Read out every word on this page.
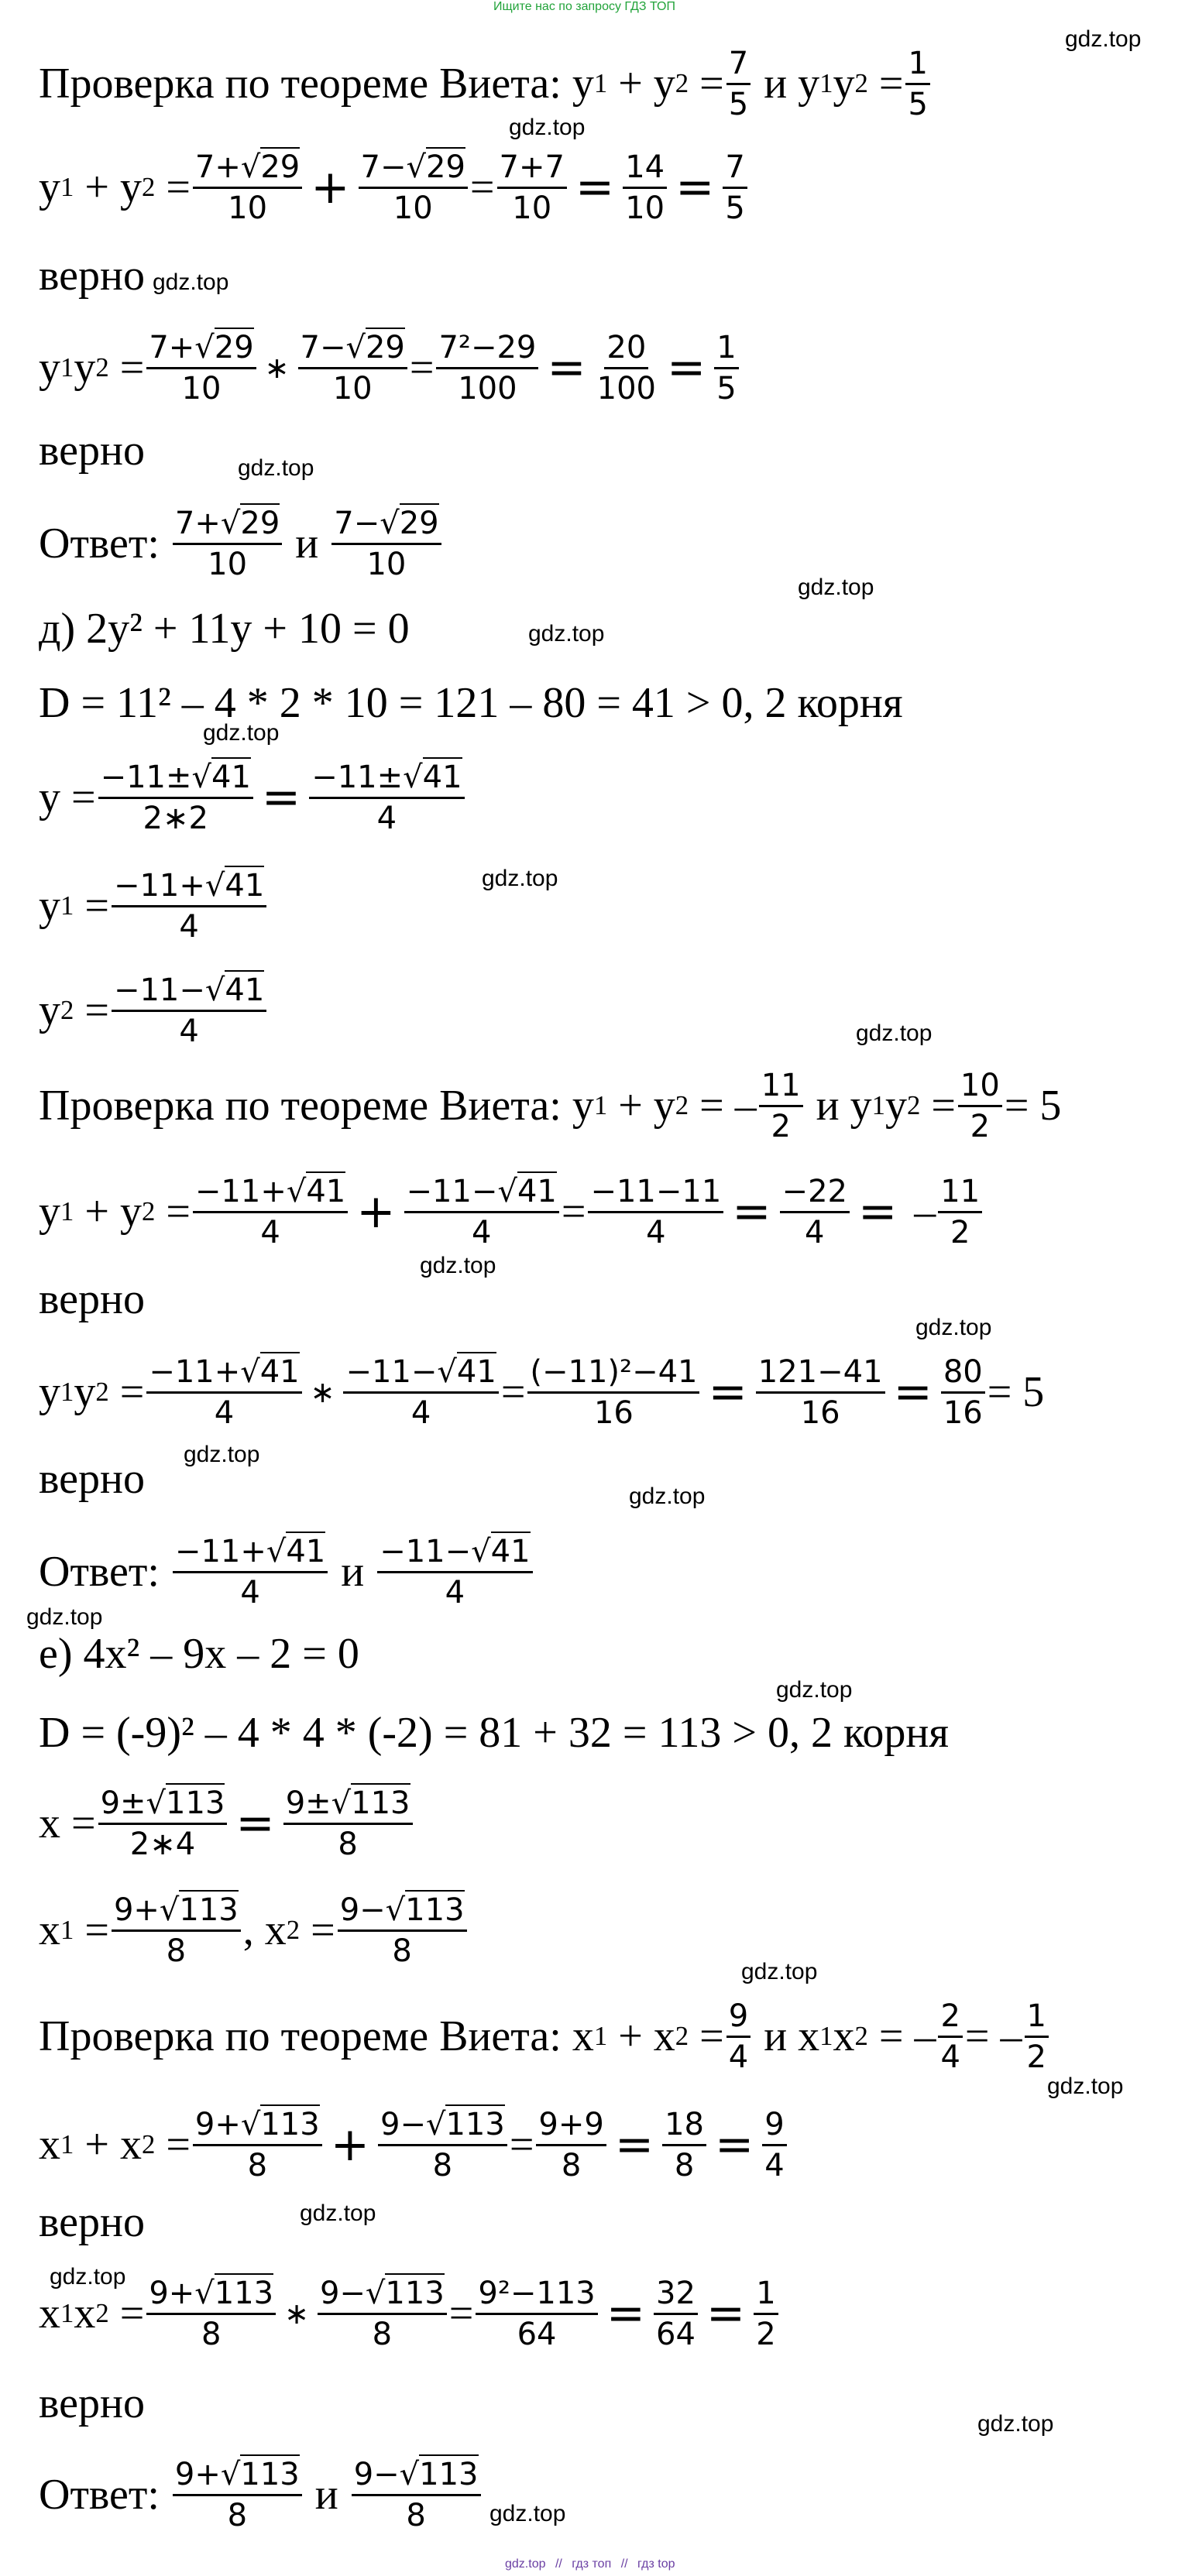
Ищите нас по запросу ГДЗ ТОП
Проверка по теореме Виета: y 1 + y $2 = \frac{7}{5}$
и y 1 y $2 = \frac{1}{5}$
y 1 + y $2 = \frac{7+√29}{10} + \frac{7-√29}{10} = \frac{7+7}{10} = \frac{14}{10} = \frac{7}{5}$
верно
y 1 y $2 = \frac{7+√29}{10}$ ∗ $\frac{7-√29}{10} = \frac{\text{7²−29}}{100} = \frac{20}{100} = \frac{1}{5}$
верно
Ответ:
$\frac{7+√29}{10}$
и
$\frac{7-√29}{10}$
д)
2y² + 11y + 10 = 0
D = 11² – 4 * 2 * 10 = 121 – 80 = 41 > 0, 2 корня
$y = \frac{-11\pm√41}{2∗2} = \frac{-11\pm√41}{4}$
y $1 = \frac{-11+√41}{4}$
y $2 = \frac{-11-√41}{4}$
Проверка по теореме Виета: y 1 + y 2 = – $\frac{11}{2}$
и y 1 y $2 = \frac{10}{2} = 5$
y 1 + y $2 = \frac{-11+√41}{4} + \frac{-11-√41}{4} = \frac{-11-11}{4} = \frac{-22}{4}$ = – $\frac{11}{2}$
верно
y 1 y $2 = \frac{-11+√41}{4}$ ∗ $\frac{-11-√41}{4} = \frac{\text{(−11)²−41}}{16} = \frac{121-41}{16} = \frac{80}{16} = 5$
верно
Ответ:
$\frac{-11+√41}{4}$
и
$\frac{-11-√41}{4}$
е)
4x² – 9x – 2 = 0
D = (-9)² – 4 * 4 * (-2) = 81 + 32 = 113 > 0, 2 корня
$x = \frac{9\pm√113}{2∗4} = \frac{9\pm√113}{8}$
x $1 = \frac{9+√113}{8}$ , x $2 = \frac{9-√113}{8}$
Проверка по теореме Виета: x 1 + x $2 = \frac{9}{4}$
и x 1 x 2 = – $\frac{2}{4}$ = – $\frac{1}{2}$
x 1 + x $2 = \frac{9+√113}{8} + \frac{9-√113}{8} = \frac{9+9}{8} = \frac{18}{8} = \frac{9}{4}$
верно
x 1 x $2 = \frac{9+√113}{8}$ ∗ $\frac{9-√113}{8} = \frac{\text{9²−113}}{64} = \frac{32}{64} = \frac{1}{2}$
верно
Ответ:
$\frac{9+√113}{8}$
и
$\frac{9-√113}{8}$
gdz.top
gdz.top
gdz.top
gdz.top
gdz.top
gdz.top
gdz.top
gdz.top
gdz.top
gdz.top
gdz.top
gdz.top
gdz.top
gdz.top
gdz.top
gdz.top
gdz.top
gdz.top
gdz.top
gdz.top
gdz.top
gdz.top // гдз топ // гдз top
